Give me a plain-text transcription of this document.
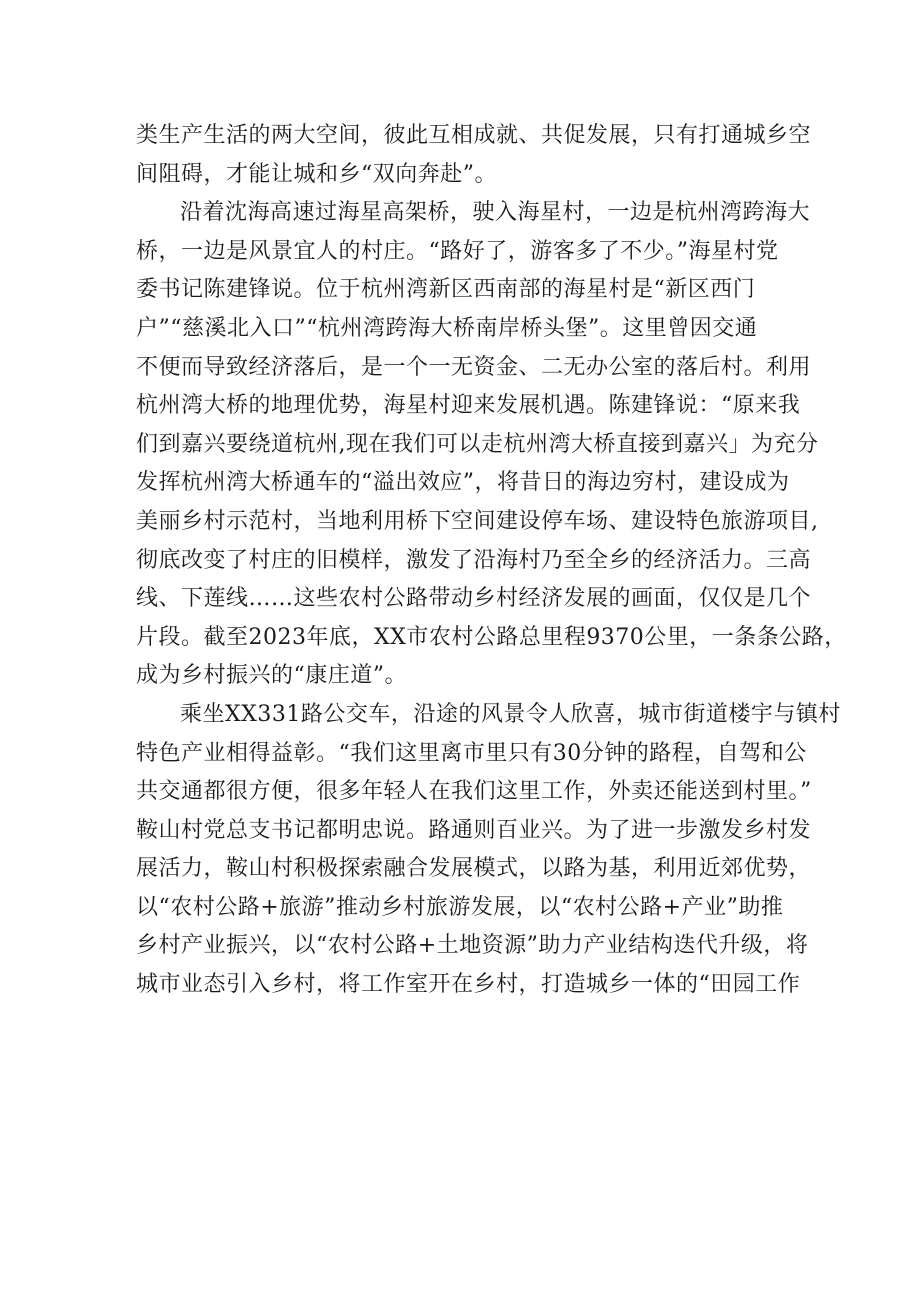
类生产生活的两大空间，彼此互相成就、共促发展，只有打通城乡空
间阻碍，才能让城和乡“双向奔赴”。
沿着沈海高速过海星高架桥，驶入海星村，一边是杭州湾跨海大
桥，一边是风景宜人的村庄。“路好了，游客多了不少。”海星村党
委书记陈建锋说。位于杭州湾新区西南部的海星村是“新区西门
户”“慈溪北入口”“杭州湾跨海大桥南岸桥头堡”。这里曾因交通
不便而导致经济落后，是一个一无资金、二无办公室的落后村。利用
杭州湾大桥的地理优势，海星村迎来发展机遇。陈建锋说：“原来我
们到嘉兴要绕道杭州,现在我们可以走杭州湾大桥直接到嘉兴」为充分
发挥杭州湾大桥通车的“溢出效应”，将昔日的海边穷村，建设成为
美丽乡村示范村，当地利用桥下空间建设停车场、建设特色旅游项目,
彻底改变了村庄的旧模样，激发了沿海村乃至全乡的经济活力。三高
线、下莲线……这些农村公路带动乡村经济发展的画面，仅仅是几个
片段。截至2023年底，XX市农村公路总里程9370公里，一条条公路，
成为乡村振兴的“康庄道”。
乘坐XX331路公交车，沿途的风景令人欣喜，城市街道楼宇与镇村
特色产业相得益彰。“我们这里离市里只有30分钟的路程，自驾和公
共交通都很方便，很多年轻人在我们这里工作，外卖还能送到村里。”
鞍山村党总支书记都明忠说。路通则百业兴。为了进一步激发乡村发
展活力，鞍山村积极探索融合发展模式，以路为基，利用近郊优势，
以“农村公路+旅游”推动乡村旅游发展，以“农村公路+产业”助推
乡村产业振兴，以“农村公路+土地资源”助力产业结构迭代升级，将
城市业态引入乡村，将工作室开在乡村，打造城乡一体的“田园工作
